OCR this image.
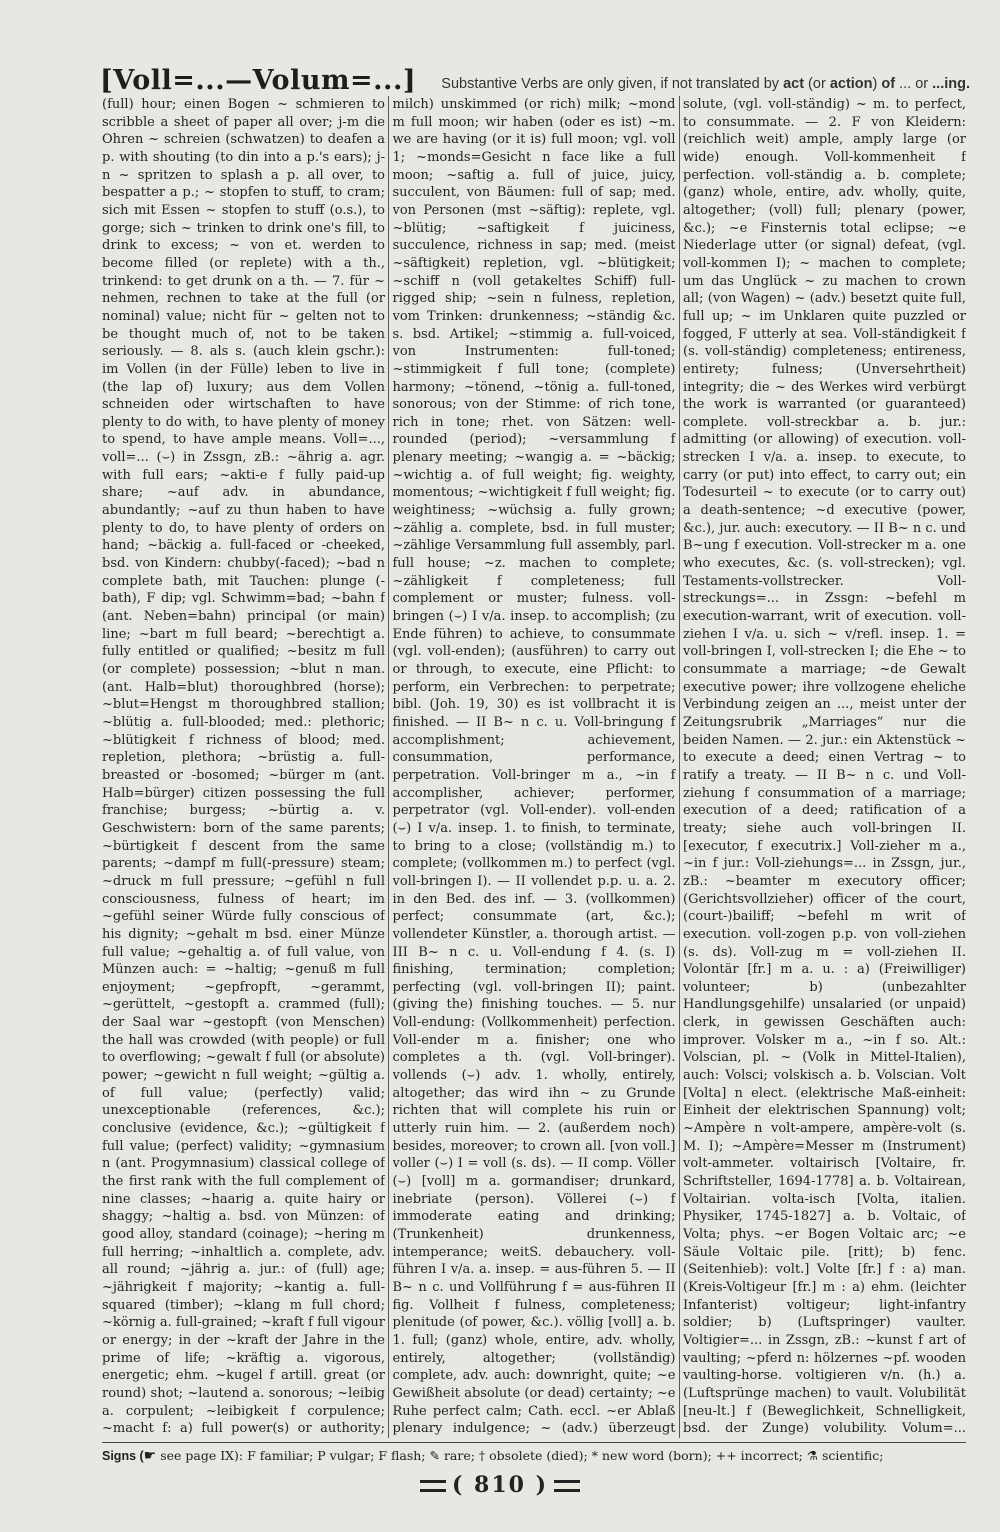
[Voll=...—Volum=...] Substantive Verbs are only given, if not translated by act (or action) of ... or ...ing.

(full) hour; einen Bogen ~ schmieren to scribble a sheet of paper all over; j-m die Ohren ~ schreien (schwatzen) to deafen a p. with shouting (to din into a p.'s ears); j-n ~ spritzen to splash a p. all over, to bespatter a p.; ~ stopfen to stuff, to cram; sich mit Essen ~ stopfen to stuff (o.s.), to gorge; sich ~ trinken to drink one's fill, to drink to excess; ~ von et. werden to become filled (or replete) with a th., trinkend: to get drunk on a th. — 7. für ~ nehmen, rechnen to take at the full (or nominal) value; nicht für ~ gelten not to be thought much of, not to be taken seriously. — 8. als s. (auch klein gschr.): im Vollen (in der Fülle) leben to live in (the lap of) luxury; aus dem Vollen schneiden oder wirtschaften to have plenty to do with, to have plenty of money to spend, to have ample means. Voll=..., voll=... (⌣) in Zssgn, zB.: ~ährig a. agr. with full ears; ~akti-e f fully paid-up share; ~auf adv. in abundance, abundantly; ~auf zu thun haben to have plenty to do, to have plenty of orders on hand; ~bäckig a. full-faced or -cheeked, bsd. von Kindern: chubby(-faced); ~bad n complete bath, mit Tauchen: plunge (-bath), F dip; vgl. Schwimm=bad; ~bahn f (ant. Neben=bahn) principal (or main) line; ~bart m full beard; ~berechtigt a. fully entitled or qualified; ~besitz m full (or complete) possession; ~blut n man. (ant. Halb=blut) thoroughbred (horse); ~blut=Hengst m thoroughbred stallion; ~blütig a. full-blooded; med.: plethoric; ~blütigkeit f richness of blood; med. repletion, plethora; ~brüstig a. full-breasted or -bosomed; ~bürger m (ant. Halb=bürger) citizen possessing the full franchise; burgess; ~bürtig a. v. Geschwistern: born of the same parents; ~bürtigkeit f descent from the same parents; ~dampf m full(-pressure) steam; ~druck m full pressure; ~gefühl n full consciousness, fulness of heart; im ~gefühl seiner Würde fully conscious of his dignity; ~gehalt m bsd. einer Münze full value; ~gehaltig a. of full value, von Münzen auch: = ~haltig; ~genuß m full enjoyment; ~gepfropft, ~gerammt, ~gerüttelt, ~gestopft a. crammed (full); der Saal war ~gestopft (von Menschen) the hall was crowded (with people) or full to overflowing; ~gewalt f full (or absolute) power; ~gewicht n full weight; ~gültig a. of full value; (perfectly) valid; unexceptionable (references, &c.); conclusive (evidence, &c.); ~gültigkeit f full value; (perfect) validity; ~gymnasium n (ant. Progymnasium) classical college of the first rank with the full complement of nine classes; ~haarig a. quite hairy or shaggy; ~haltig a. bsd. von Münzen: of good alloy, standard (coinage); ~hering m full herring; ~inhaltlich a. complete, adv. all round; ~jährig a. jur.: of (full) age; ~jährigkeit f majority; ~kantig a. full-squared (timber); ~klang m full chord; ~körnig a. full-grained; ~kraft f full vigour or energy; in der ~kraft der Jahre in the prime of life; ~kräftig a. vigorous, energetic; ehm. ~kugel f artill. great (or round) shot; ~lautend a. sonorous; ~leibig a. corpulent; ~leibigkeit f corpulence; ~macht f: a) full power(s) or authority;

milch) unskimmed (or rich) milk; ~mond m full moon; wir haben (oder es ist) ~m. we are having (or it is) full moon; vgl. voll 1; ~monds=Gesicht n face like a full moon; ~saftig a. full of juice, juicy, succulent, von Bäumen: full of sap; med. von Personen (mst ~säftig): replete, vgl. ~blütig; ~saftigkeit f juiciness, succulence, richness in sap; med. (meist ~säftigkeit) repletion, vgl. ~blütigkeit; ~schiff n (voll getakeltes Schiff) full-rigged ship; ~sein n fulness, repletion, vom Trinken: drunkenness; ~ständig &c. s. bsd. Artikel; ~stimmig a. full-voiced, von Instrumenten: full-toned; ~stimmigkeit f full tone; (complete) harmony; ~tönend, ~tönig a. full-toned, sonorous; von der Stimme: of rich tone, rich in tone; rhet. von Sätzen: well-rounded (period); ~versammlung f plenary meeting; ~wangig a. = ~bäckig; ~wichtig a. of full weight; fig. weighty, momentous; ~wichtigkeit f full weight; fig. weightiness; ~wüchsig a. fully grown; ~zählig a. complete, bsd. in full muster; ~zählige Versammlung full assembly, parl. full house; ~z. machen to complete; ~zähligkeit f completeness; full complement or muster; fulness. voll-bringen (⌣) I v/a. insep. to accomplish; (zu Ende führen) to achieve, to consummate (vgl. voll-enden); (ausführen) to carry out or through, to execute, eine Pflicht: to perform, ein Verbrechen: to perpetrate; bibl. (Joh. 19, 30) es ist vollbracht it is finished. — II B~ n c. u. Voll-bringung f accomplishment; achievement, consummation, performance, perpetration. Voll-bringer m a., ~in f accomplisher, achiever; performer, perpetrator (vgl. Voll-ender). voll-enden (⌣) I v/a. insep. 1. to finish, to terminate, to bring to a close; (vollständig m.) to complete; (vollkommen m.) to perfect (vgl. voll-bringen I). — II vollendet p.p. u. a. 2. in den Bed. des inf. — 3. (vollkommen) perfect; consummate (art, &c.); vollendeter Künstler, a. thorough artist. — III B~ n c. u. Voll-endung f 4. (s. I) finishing, termination; completion; perfecting (vgl. voll-bringen II); paint. (giving the) finishing touches. — 5. nur Voll-endung: (Vollkommenheit) perfection. Voll-ender m a. finisher; one who completes a th. (vgl. Voll-bringer). vollends (⌣) adv. 1. wholly, entirely, altogether; das wird ihn ~ zu Grunde richten that will complete his ruin or utterly ruin him. — 2. (außerdem noch) besides, moreover; to crown all. [von voll.] voller (⌣) I = voll (s. ds). — II comp. Völler (⌣) [voll] m a. gormandiser; drunkard, inebriate (person). Völlerei (⌣) f immoderate eating and drinking; (Trunkenheit) drunkenness, intemperance; weitS. debauchery. voll-führen I v/a. a. insep. = aus-führen 5. — II B~ n c. und Vollführung f = aus-führen II fig. Vollheit f fulness, completeness; plenitude (of power, &c.). völlig [voll] a. b. 1. full; (ganz) whole, entire, adv. wholly, entirely, altogether; (vollständig) complete, adv. auch: downright, quite; ~e Gewißheit absolute (or dead) certainty; ~e Ruhe perfect calm; Cath. eccl. ~er Ablaß plenary indulgence; ~ (adv.) überzeugt

solute, (vgl. voll-ständig) ~ m. to perfect, to consummate. — 2. F von Kleidern: (reichlich weit) ample, amply large (or wide) enough. Voll-kommenheit f perfection. voll-ständig a. b. complete; (ganz) whole, entire, adv. wholly, quite, altogether; (voll) full; plenary (power, &c.); ~e Finsternis total eclipse; ~e Niederlage utter (or signal) defeat, (vgl. voll-kommen I); ~ machen to complete; um das Unglück ~ zu machen to crown all; (von Wagen) ~ (adv.) besetzt quite full, full up; ~ im Unklaren quite puzzled or fogged, F utterly at sea. Voll-ständigkeit f (s. voll-ständig) completeness; entireness, entirety; fulness; (Unversehrtheit) integrity; die ~ des Werkes wird verbürgt the work is warranted (or guaranteed) complete. voll-streckbar a. b. jur.: admitting (or allowing) of execution. voll-strecken I v/a. a. insep. to execute, to carry (or put) into effect, to carry out; ein Todesurteil ~ to execute (or to carry out) a death-sentence; ~d executive (power, &c.), jur. auch: executory. — II B~ n c. und B~ung f execution. Voll-strecker m a. one who executes, &c. (s. voll-strecken); vgl. Testaments-vollstrecker. Voll-streckungs=... in Zssgn: ~befehl m execution-warrant, writ of execution. voll-ziehen I v/a. u. sich ~ v/refl. insep. 1. = voll-bringen I, voll-strecken I; die Ehe ~ to consummate a marriage; ~de Gewalt executive power; ihre vollzogene eheliche Verbindung zeigen an ..., meist unter der Zeitungsrubrik „Marriages“ nur die beiden Namen. — 2. jur.: ein Aktenstück ~ to execute a deed; einen Vertrag ~ to ratify a treaty. — II B~ n c. und Voll-ziehung f consummation of a marriage; execution of a deed; ratification of a treaty; siehe auch voll-bringen II. [executor, f executrix.] Voll-zieher m a., ~in f jur.: Voll-ziehungs=... in Zssgn, jur., zB.: ~beamter m executory officer; (Gerichtsvollzieher) officer of the court, (court-)bailiff; ~befehl m writ of execution. voll-zogen p.p. von voll-ziehen (s. ds). Voll-zug m = voll-ziehen II. Volontär [fr.] m a. u. : a) (Freiwilliger) volunteer; b) (unbezahlter Handlungsgehilfe) unsalaried (or unpaid) clerk, in gewissen Geschäften auch: improver. Volsker m a., ~in f so. Alt.: Volscian, pl. ~ (Volk in Mittel-Italien), auch: Volsci; volskisch a. b. Volscian. Volt [Volta] n elect. (elektrische Maß-einheit: Einheit der elektrischen Spannung) volt; ~Ampère n volt-ampere, ampère-volt (s. M. I); ~Ampère=Messer m (Instrument) volt-ammeter. voltairisch [Voltaire, fr. Schriftsteller, 1694-1778] a. b. Voltairean, Voltairian. volta-isch [Volta, italien. Physiker, 1745-1827] a. b. Voltaic, of Volta; phys. ~er Bogen Voltaic arc; ~e Säule Voltaic pile. [ritt); b) fenc. (Seitenhieb): volt.] Volte [fr.] f : a) man. (Kreis-Voltigeur [fr.] m : a) ehm. (leichter Infanterist) voltigeur; light-infantry soldier; b) (Luftspringer) vaulter. Voltigier=... in Zssgn, zB.: ~kunst f art of vaulting; ~pferd n: hölzernes ~pf. wooden vaulting-horse. voltigieren v/n. (h.) a. (Luftsprünge machen) to vault. Volubilität [neu-lt.] f (Beweglichkeit, Schnelligkeit, bsd. der Zunge) volubility. Volum=...

Signs (☛ see page IX): F familiar; P vulgar; F flash; ✎ rare; † obsolete (died); * new word (born); ++ incorrect; ⚗ scientific;
( 810 )
